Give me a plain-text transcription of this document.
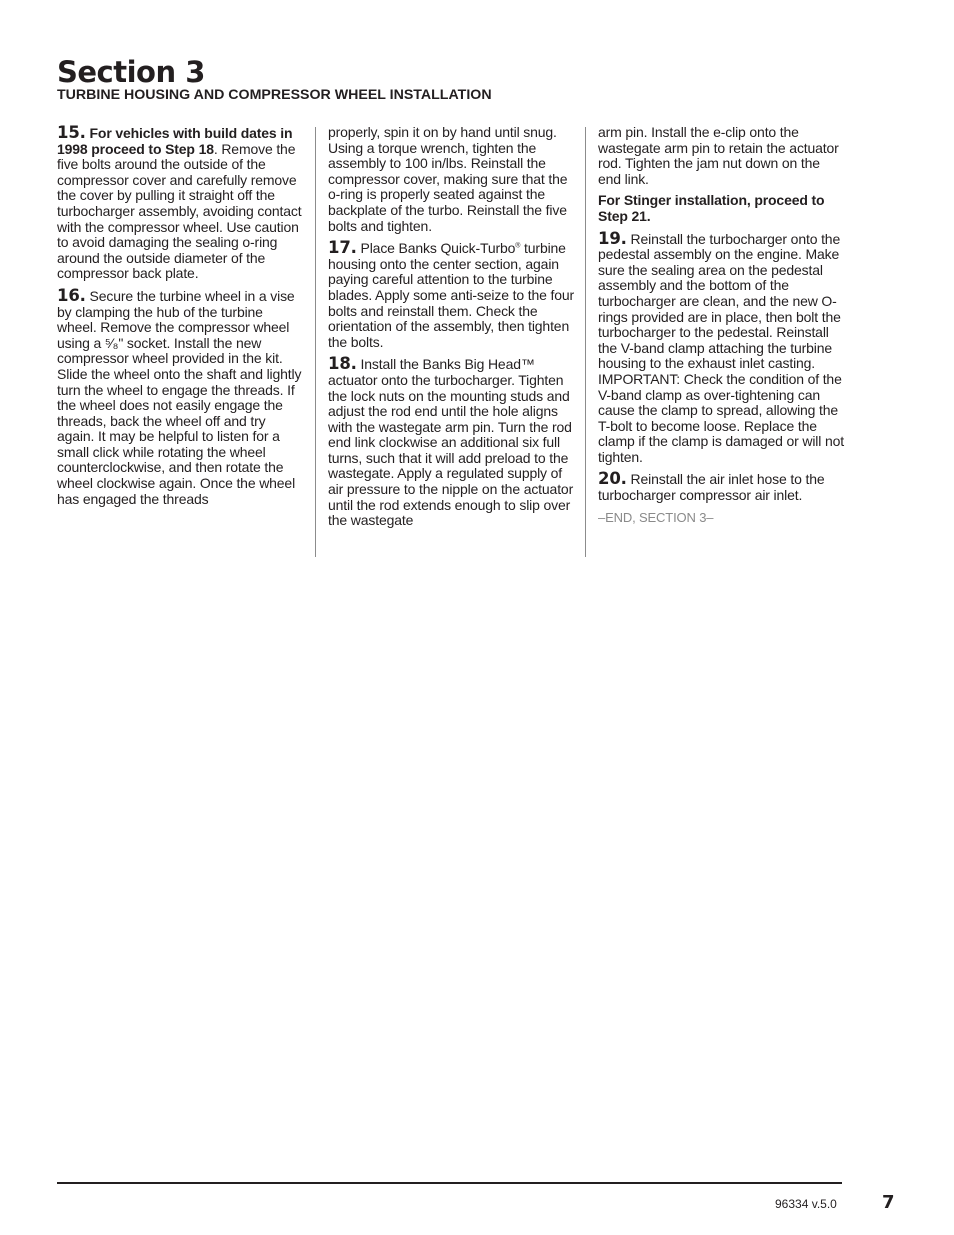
Section 3
TURBINE HOUSING AND COMPRESSOR WHEEL INSTALLATION

15. For vehicles with build dates in 1998 proceed to Step 18. Remove the five bolts around the outside of the compressor cover and carefully remove the cover by pulling it straight off the turbocharger assembly, avoiding contact with the compressor wheel. Use caution to avoid damaging the sealing o-ring around the outside diameter of the compressor back plate.

16. Secure the turbine wheel in a vise by clamping the hub of the turbine wheel. Remove the compressor wheel using a ⁵⁄₈" socket. Install the new compressor wheel provided in the kit. Slide the wheel onto the shaft and lightly turn the wheel to engage the threads. If the wheel does not easily engage the threads, back the wheel off and try again. It may be helpful to listen for a small click while rotating the wheel counterclockwise, and then rotate the wheel clockwise again. Once the wheel has engaged the threads

properly, spin it on by hand until snug. Using a torque wrench, tighten the assembly to 100 in/lbs. Reinstall the compressor cover, making sure that the o-ring is properly seated against the backplate of the turbo. Reinstall the five bolts and tighten.

17. Place Banks Quick-Turbo® turbine housing onto the center section, again paying careful attention to the turbine blades. Apply some anti-seize to the four bolts and reinstall them. Check the orientation of the assembly, then tighten the bolts.

18. Install the Banks Big Head™ actuator onto the turbocharger. Tighten the lock nuts on the mounting studs and adjust the rod end until the hole aligns with the wastegate arm pin. Turn the rod end link clockwise an additional six full turns, such that it will add preload to the wastegate. Apply a regulated supply of air pressure to the nipple on the actuator until the rod extends enough to slip over the wastegate

arm pin. Install the e-clip onto the wastegate arm pin to retain the actuator rod. Tighten the jam nut down on the end link.

For Stinger installation, proceed to Step 21.

19. Reinstall the turbocharger onto the pedestal assembly on the engine. Make sure the sealing area on the pedestal assembly and the bottom of the turbocharger are clean, and the new O-rings provided are in place, then bolt the turbocharger to the pedestal. Reinstall the V-band clamp attaching the turbine housing to the exhaust inlet casting. IMPORTANT: Check the condition of the V-band clamp as over-tightening can cause the clamp to spread, allowing the T-bolt to become loose. Replace the clamp if the clamp is damaged or will not tighten.

20. Reinstall the air inlet hose to the turbocharger compressor air inlet.

–END, SECTION 3–

96334 v.5.0	7
